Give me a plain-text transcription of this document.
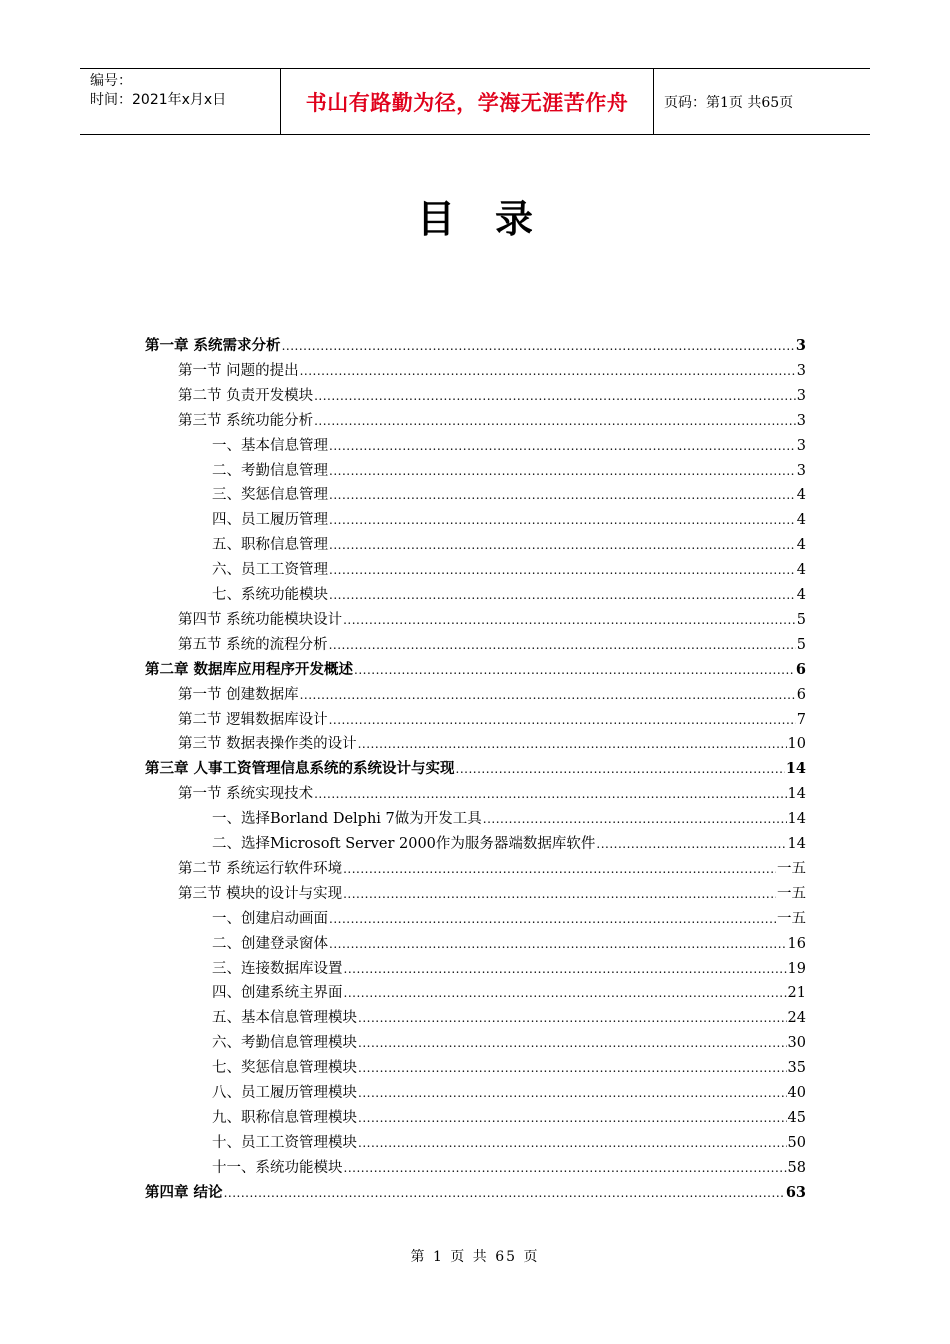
编号：
时间：2021年x月x日	书山有路勤为径，学海无涯苦作舟	页码：第1页 共65页
目录
第一章 系统需求分析 .....	3
第一节 问题的提出 .....	3
第二节 负责开发模块 .....	3
第三节 系统功能分析 .....	3
一、基本信息管理 .....	3
二、考勤信息管理 .....	3
三、奖惩信息管理 .....	4
四、员工履历管理 .....	4
五、职称信息管理 .....	4
六、员工工资管理 .....	4
七、系统功能模块 .....	4
第四节 系统功能模块设计 .....	5
第五节 系统的流程分析 .....	5
第二章 数据库应用程序开发概述 .....	6
第一节 创建数据库 .....	6
第二节 逻辑数据库设计 .....	7
第三节 数据表操作类的设计 .....	10
第三章 人事工资管理信息系统的系统设计与实现 .....	14
第一节 系统实现技术 .....	14
一、选择Borland Delphi 7做为开发工具 .....	14
二、选择Microsoft Server 2000作为服务器端数据库软件 .....	14
第二节 系统运行软件环境 .....	一五
第三节 模块的设计与实现 .....	一五
一、创建启动画面 .....	一五
二、创建登录窗体 .....	16
三、连接数据库设置 .....	19
四、创建系统主界面 .....	21
五、基本信息管理模块 .....	24
六、考勤信息管理模块 .....	30
七、奖惩信息管理模块 .....	35
八、员工履历管理模块 .....	40
九、职称信息管理模块 .....	45
十、员工工资管理模块 .....	50
十一、系统功能模块 .....	58
第四章 结论 .....	63
第 1 页 共 65 页
